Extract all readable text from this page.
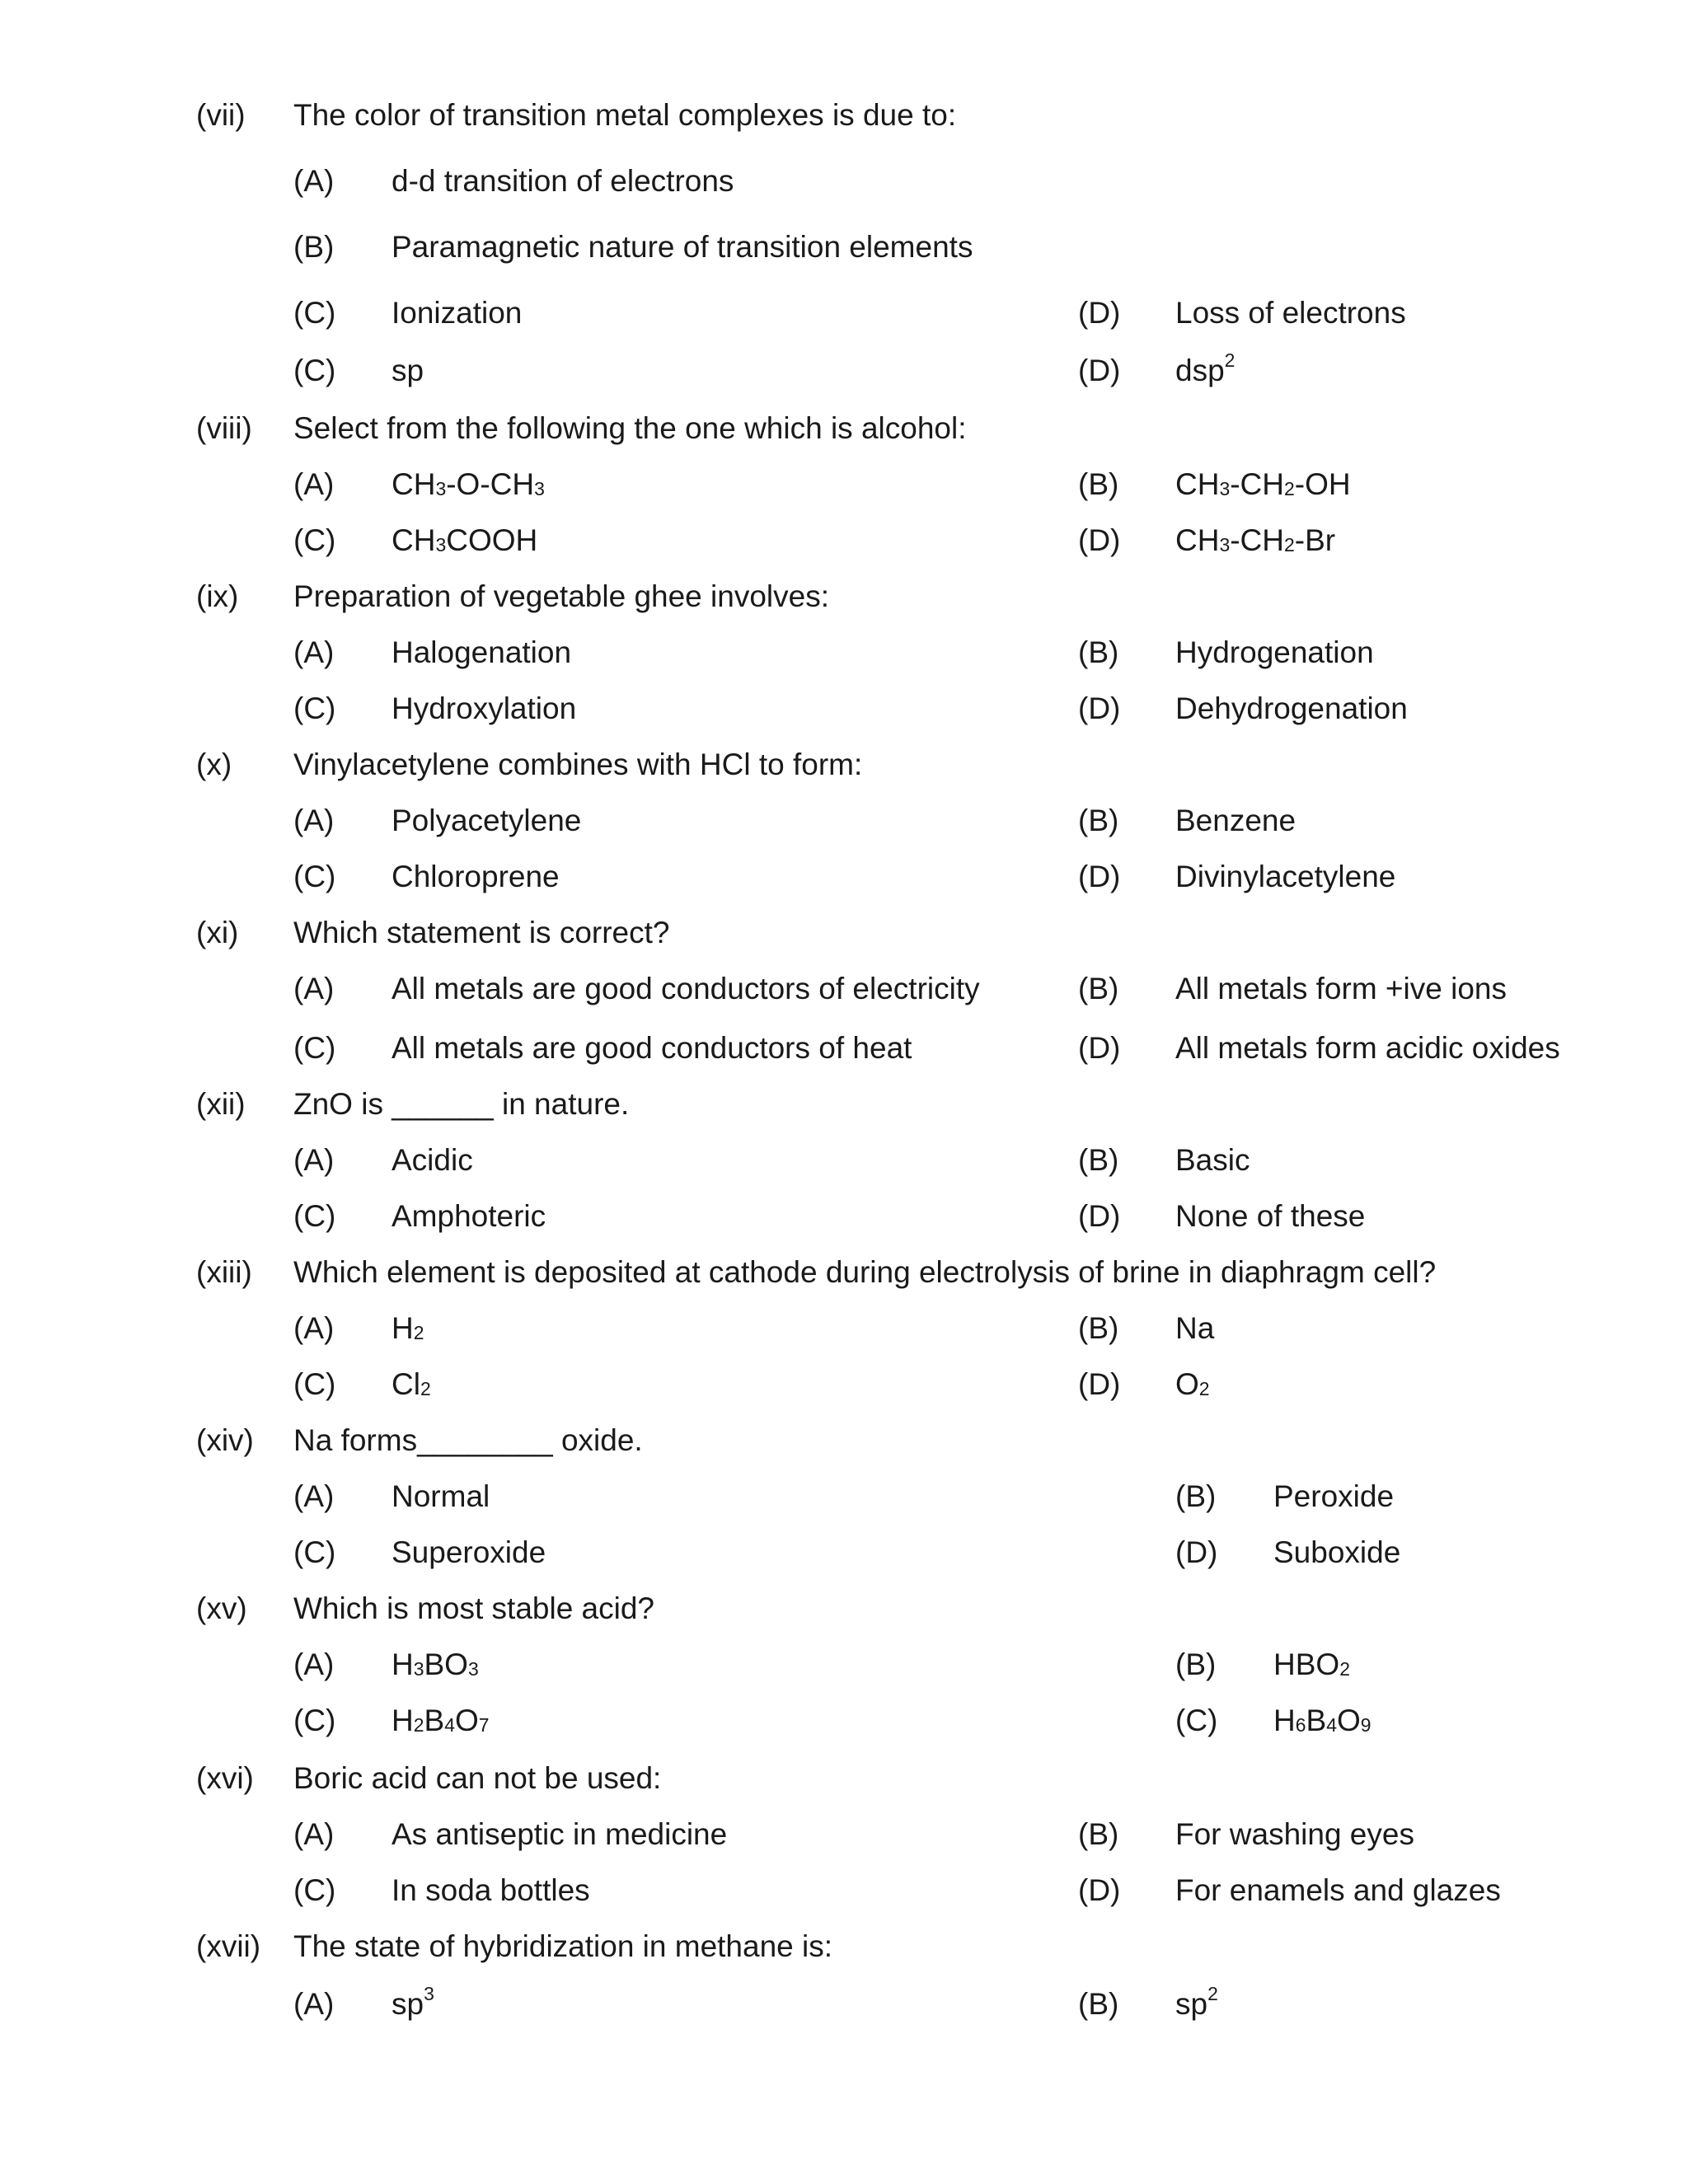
(vii) The color of transition metal complexes is due to:
(A) d-d transition of electrons
(B) Paramagnetic nature of transition elements
(C) Ionization	(D) Loss of electrons
(C) sp	(D) dsp$^2$
(viii) Select from the following the one which is alcohol:
(A) $CH_3-O-CH_3$	(B) $CH_3-CH_2-OH$
(C) $CH_3COOH$	(D) $CH_3-CH_2-Br$
(ix) Preparation of vegetable ghee involves:
(A) Halogenation	(B) Hydrogenation
(C) Hydroxylation	(D) Dehydrogenation
(x) Vinylacetylene combines with HCl to form:
(A) Polyacetylene	(B) Benzene
(C) Chloroprene	(D) Divinylacetylene
(xi) Which statement is correct?
(A) All metals are good conductors of electricity	(B) All metals form +ive ions
(C) All metals are good conductors of heat	(D) All metals form acidic oxides
(xii) ZnO is ______ in nature.
(A) Acidic	(B) Basic
(C) Amphoteric	(D) None of these
(xiii) Which element is deposited at cathode during electrolysis of brine in diaphragm cell?
(A) $H_2$	(B) Na
(C) $Cl_2$	(D) $O_2$
(xiv) Na forms________ oxide.
(A) Normal	(B) Peroxide
(C) Superoxide	(D) Suboxide
(xv) Which is most stable acid?
(A) $H_3BO_3$	(B) $HBO_2$
(C) $H_2B_4O_7$	(C) $H_6B_4O_9$
(xvi) Boric acid can not be used:
(A) As antiseptic in medicine	(B) For washing eyes
(C) In soda bottles	(D) For enamels and glazes
(xvii) The state of hybridization in methane is:
(A) $sp^3$	(B) $sp^2$
